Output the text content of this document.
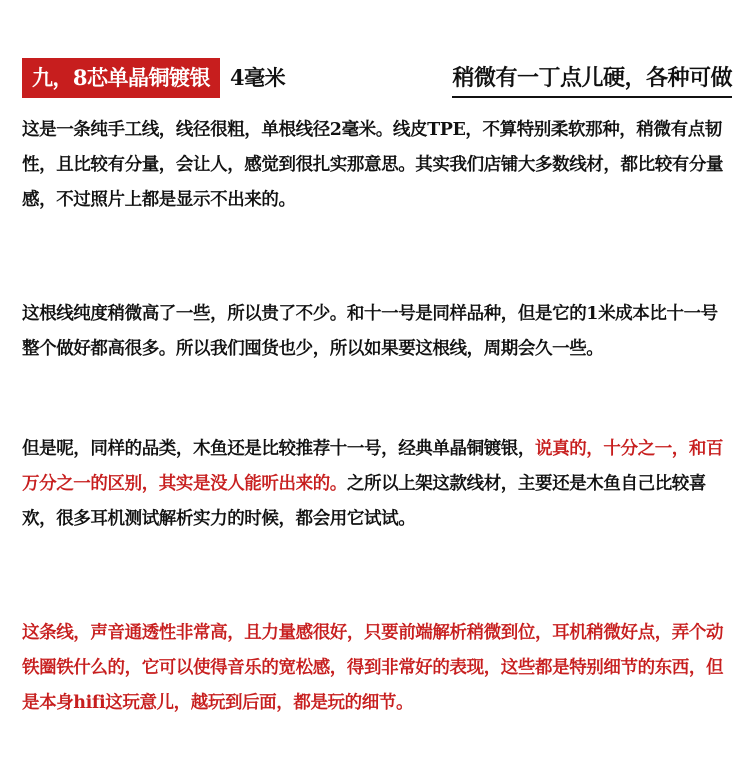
九，8芯单晶铜镀银 4毫米	稍微有一丁点儿硬，各种可做
这是一条纯手工线，线径很粗，单根线径2毫米。线皮TPE，不算特别柔软那种，稍微有点韧性，且比较有分量，会让人，感觉到很扎实那意思。其实我们店铺大多数线材，都比较有分量感，不过照片上都是显示不出来的。
这根线纯度稍微高了一些，所以贵了不少。和十一号是同样品种，但是它的1米成本比十一号整个做好都高很多。所以我们囤货也少，所以如果要这根线，周期会久一些。
但是呢，同样的品类，木鱼还是比较推荐十一号，经典单晶铜镀银，说真的，十分之一，和百万分之一的区别，其实是没人能听出来的。之所以上架这款线材，主要还是木鱼自己比较喜欢，很多耳机测试解析实力的时候，都会用它试试。
这条线，声音通透性非常高，且力量感很好，只要前端解析稍微到位，耳机稍微好点，弄个动铁圈铁什么的，它可以使得音乐的宽松感，得到非常好的表现，这些都是特别细节的东西，但是本身hifi这玩意儿，越玩到后面，都是玩的细节。
